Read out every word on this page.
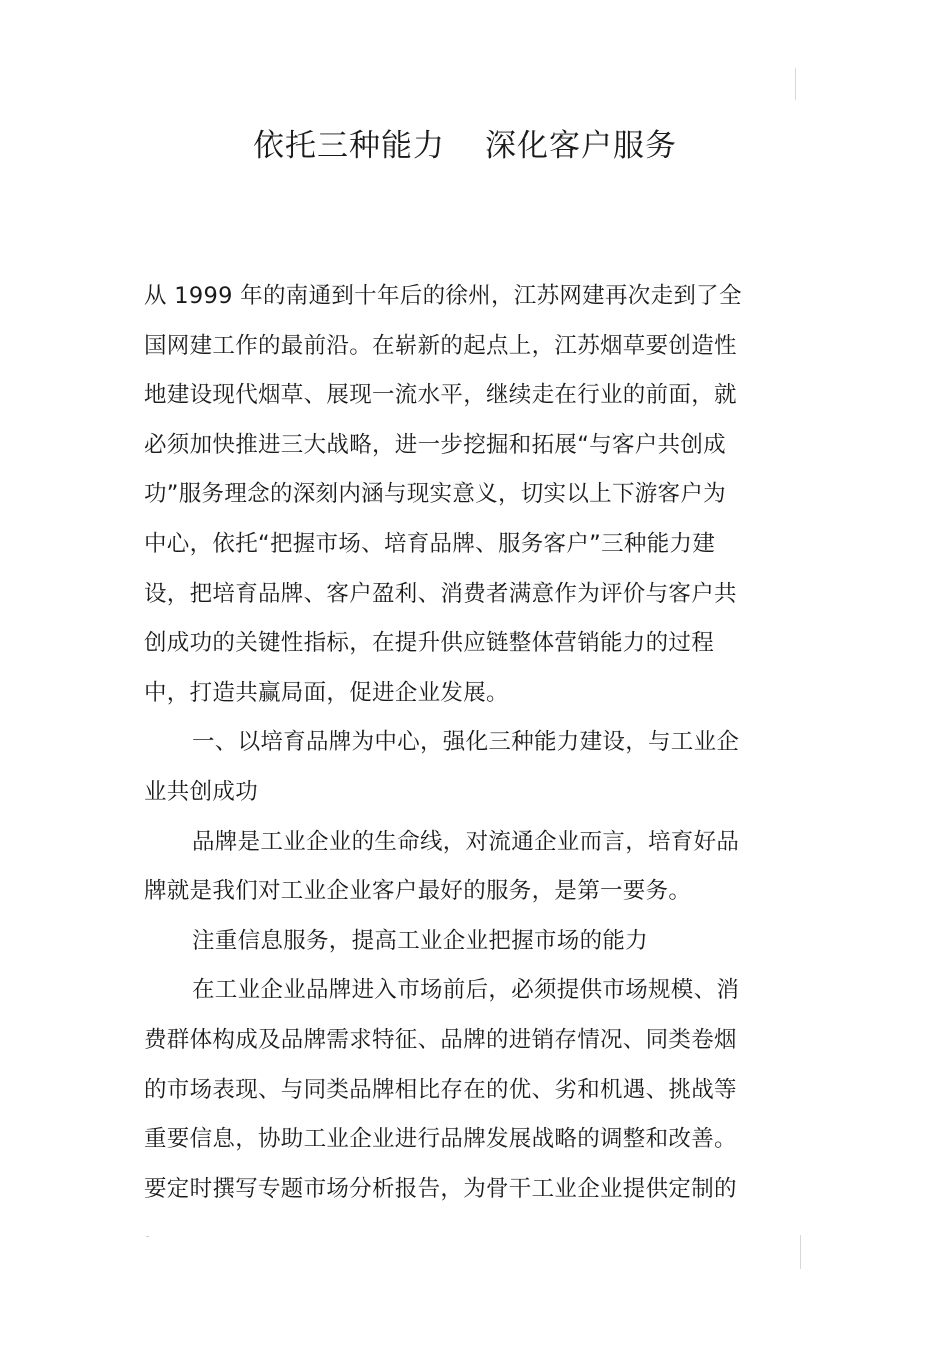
依托三种能力 深化客户服务
从 1999 年的南通到十年后的徐州，江苏网建再次走到了全
国网建工作的最前沿。在崭新的起点上，江苏烟草要创造性
地建设现代烟草、展现一流水平，继续走在行业的前面，就
必须加快推进三大战略，进一步挖掘和拓展“与客户共创成
功”服务理念的深刻内涵与现实意义，切实以上下游客户为
中心，依托“把握市场、培育品牌、服务客户”三种能力建
设，把培育品牌、客户盈利、消费者满意作为评价与客户共
创成功的关键性指标，在提升供应链整体营销能力的过程
中，打造共赢局面，促进企业发展。
一、以培育品牌为中心，强化三种能力建设，与工业企
业共创成功
品牌是工业企业的生命线，对流通企业而言，培育好品
牌就是我们对工业企业客户最好的服务，是第一要务。
注重信息服务，提高工业企业把握市场的能力
在工业企业品牌进入市场前后，必须提供市场规模、消
费群体构成及品牌需求特征、品牌的进销存情况、同类卷烟
的市场表现、与同类品牌相比存在的优、劣和机遇、挑战等
重要信息，协助工业企业进行品牌发展战略的调整和改善。
要定时撰写专题市场分析报告，为骨干工业企业提供定制的
